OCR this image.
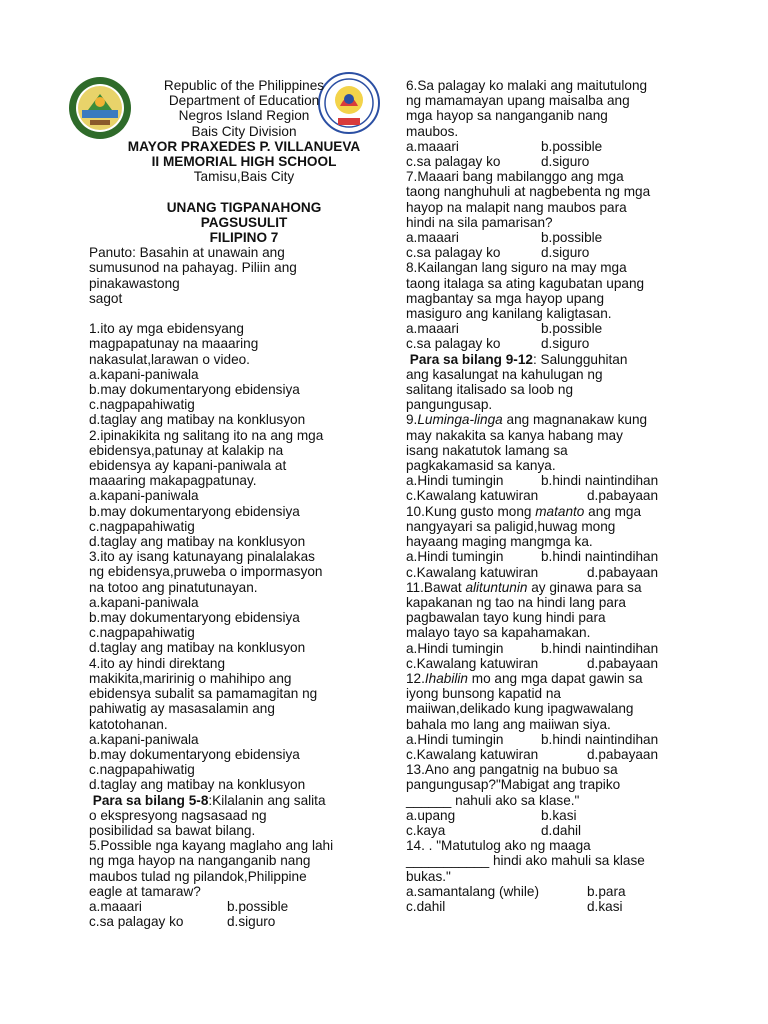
Republic of the Philippines
Department of Education
Negros Island Region
Bais City Division
MAYOR PRAXEDES P. VILLANUEVA
II MEMORIAL HIGH SCHOOL
Tamisu,Bais City
UNANG TIGPANAHONG
PAGSUSULIT
FILIPINO 7
Panuto: Basahin at unawain ang
sumusunod na pahayag. Piliin ang
pinakawastong
sagot
1.ito ay mga ebidensyang
magpapatunay na maaaring
nakasulat,larawan o video.
a.kapani-paniwala
b.may dokumentaryong ebidensiya
c.nagpapahiwatig
d.taglay ang matibay na konklusyon
2.ipinakikita ng salitang ito na ang mga
ebidensya,patunay at kalakip na
ebidensya ay kapani-paniwala at
maaaring makapagpatunay.
a.kapani-paniwala
b.may dokumentaryong ebidensiya
c.nagpapahiwatig
d.taglay ang matibay na konklusyon
3.ito ay isang katunayang pinalalakas
ng ebidensya,pruweba o impormasyon
na totoo ang pinatutunayan.
a.kapani-paniwala
b.may dokumentaryong ebidensiya
c.nagpapahiwatig
d.taglay ang matibay na konklusyon
4.ito ay hindi direktang
makikita,maririnig o mahihipo ang
ebidensya subalit sa pamamagitan ng
pahiwatig ay masasalamin ang
katotohanan.
a.kapani-paniwala
b.may dokumentaryong ebidensiya
c.nagpapahiwatig
d.taglay ang matibay na konklusyon
Para sa bilang 5-8:Kilalanin ang salita
o ekspresyong nagsasaad ng
posibilidad sa bawat bilang.
5.Possible nga kayang maglaho ang lahi
ng mga hayop na nanganganib nang
maubos tulad ng pilandok,Philippine
eagle at tamaraw?
a.maaari	b.possible
c.sa palagay ko	d.siguro
6.Sa palagay ko malaki ang maitutulong
ng mamamayan upang maisalba ang
mga hayop sa nanganganib nang
maubos.
a.maaari	b.possible
c.sa palagay ko	d.siguro
7.Maaari bang mabilanggo ang mga
taong nanghuhuli at nagbebenta ng mga
hayop na malapit nang maubos para
hindi na sila pamarisan?
a.maaari	b.possible
c.sa palagay ko	d.siguro
8.Kailangan lang siguro na may mga
taong italaga sa ating kagubatan upang
magbantay sa mga hayop upang
masiguro ang kanilang kaligtasan.
a.maaari	b.possible
c.sa palagay ko	d.siguro
Para sa bilang 9-12: Salungguhitan
ang kasalungat na kahulugan ng
salitang italisado sa loob ng
pangungusap.
9.Luminga-linga ang magnanakaw kung
may nakakita sa kanya habang may
isang nakatutok lamang sa
pagkakamasid sa kanya.
a.Hindi tumingin	b.hindi naintindihan
c.Kawalang katuwiran	d.pabayaan
10.Kung gusto mong matanto ang mga
nangyayari sa paligid,huwag mong
hayaang maging mangmga ka.
a.Hindi tumingin	b.hindi naintindihan
c.Kawalang katuwiran	d.pabayaan
11.Bawat alituntunin ay ginawa para sa
kapakanan ng tao na hindi lang para
pagbawalan tayo kung hindi para
malayo tayo sa kapahamakan.
a.Hindi tumingin	b.hindi naintindihan
c.Kawalang katuwiran	d.pabayaan
12.Ihabilin mo ang mga dapat gawin sa
iyong bunsong kapatid na
maiiwan,delikado kung ipagwawalang
bahala mo lang ang maiiwan siya.
a.Hindi tumingin	b.hindi naintindihan
c.Kawalang katuwiran	d.pabayaan
13.Ano ang pangatnig na bubuo sa
pangungusap?"Mabigat ang trapiko
______ nahuli ako sa klase."
a.upang	b.kasi
c.kaya	d.dahil
14. . "Matutulog ako ng maaga
___________ hindi ako mahuli sa klase
bukas."
a.samantalang (while)	b.para
c.dahil	d.kasi
